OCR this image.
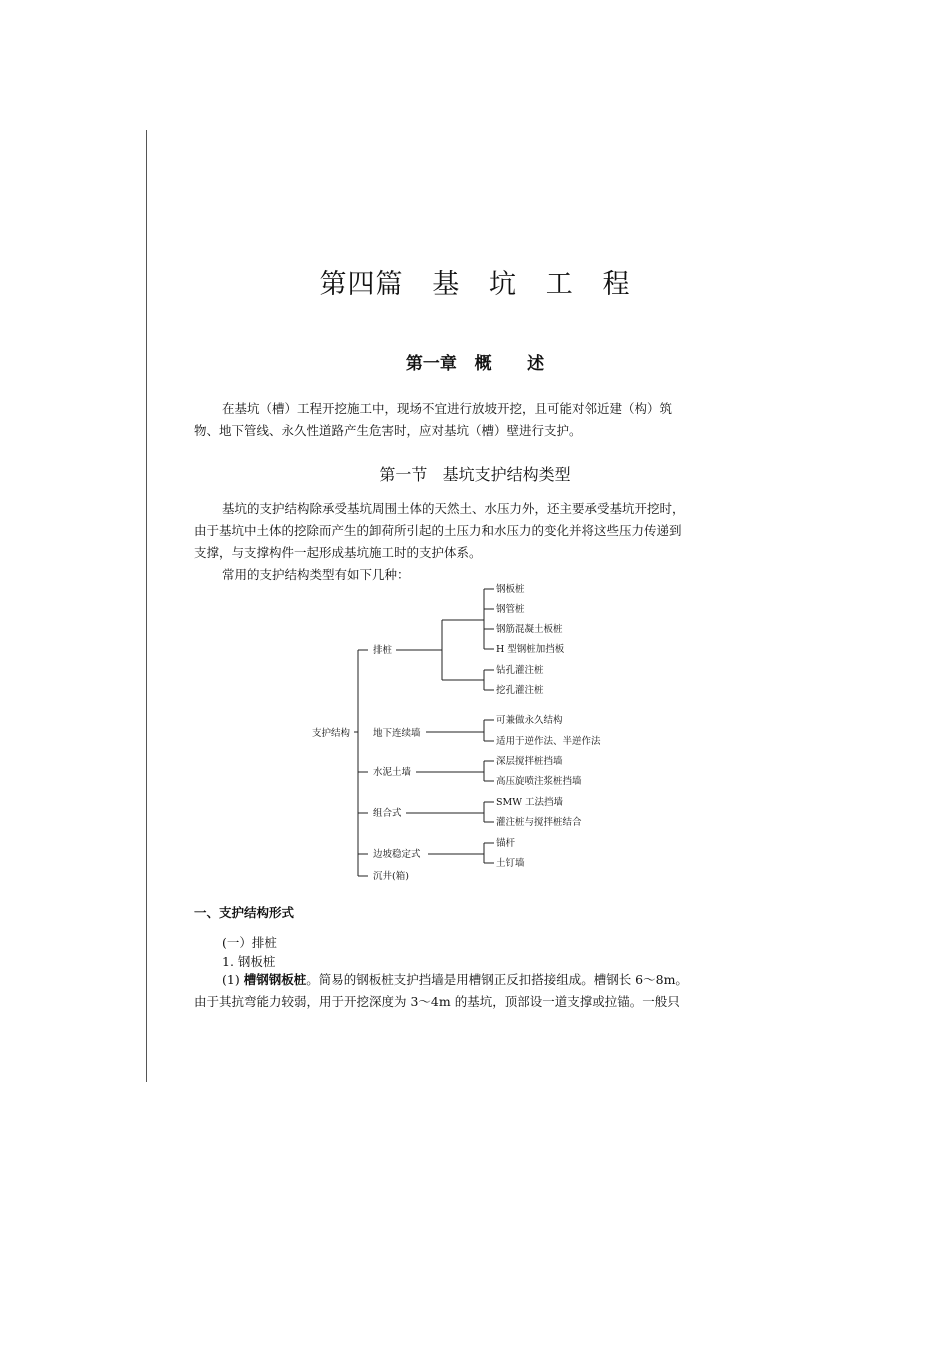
第四篇   基   坑   工   程
第一章   概      述

在基坑（槽）工程开挖施工中，现场不宜进行放坡开挖，且可能对邻近建（构）筑
物、地下管线、永久性道路产生危害时，应对基坑（槽）壁进行支护。

第一节   基坑支护结构类型

基坑的支护结构除承受基坑周围土体的天然土、水压力外，还主要承受基坑开挖时，
由于基坑中土体的挖除而产生的卸荷所引起的土压力和水压力的变化并将这些压力传递到
支撑，与支撑构件一起形成基坑施工时的支护体系。
常用的支护结构类型有如下几种：

支护结构
排桩
钢板桩
钢管桩
钢筋混凝土板桩
H 型钢桩加挡板
钻孔灌注桩
挖孔灌注桩
地下连续墙
可兼做永久结构
适用于逆作法、半逆作法
水泥土墙
深层搅拌桩挡墙
高压旋喷注浆桩挡墙
组合式
SMW 工法挡墙
灌注桩与搅拌桩结合
边坡稳定式
锚杆
土钉墙
沉井(箱)
一、支护结构形式
(一）排桩
1. 钢板桩

(1) 槽钢钢板桩。简易的钢板桩支护挡墙是用槽钢正反扣搭接组成。槽钢长 6～8m。
由于其抗弯能力较弱，用于开挖深度为 3～4m 的基坑，顶部设一道支撑或拉锚。一般只
